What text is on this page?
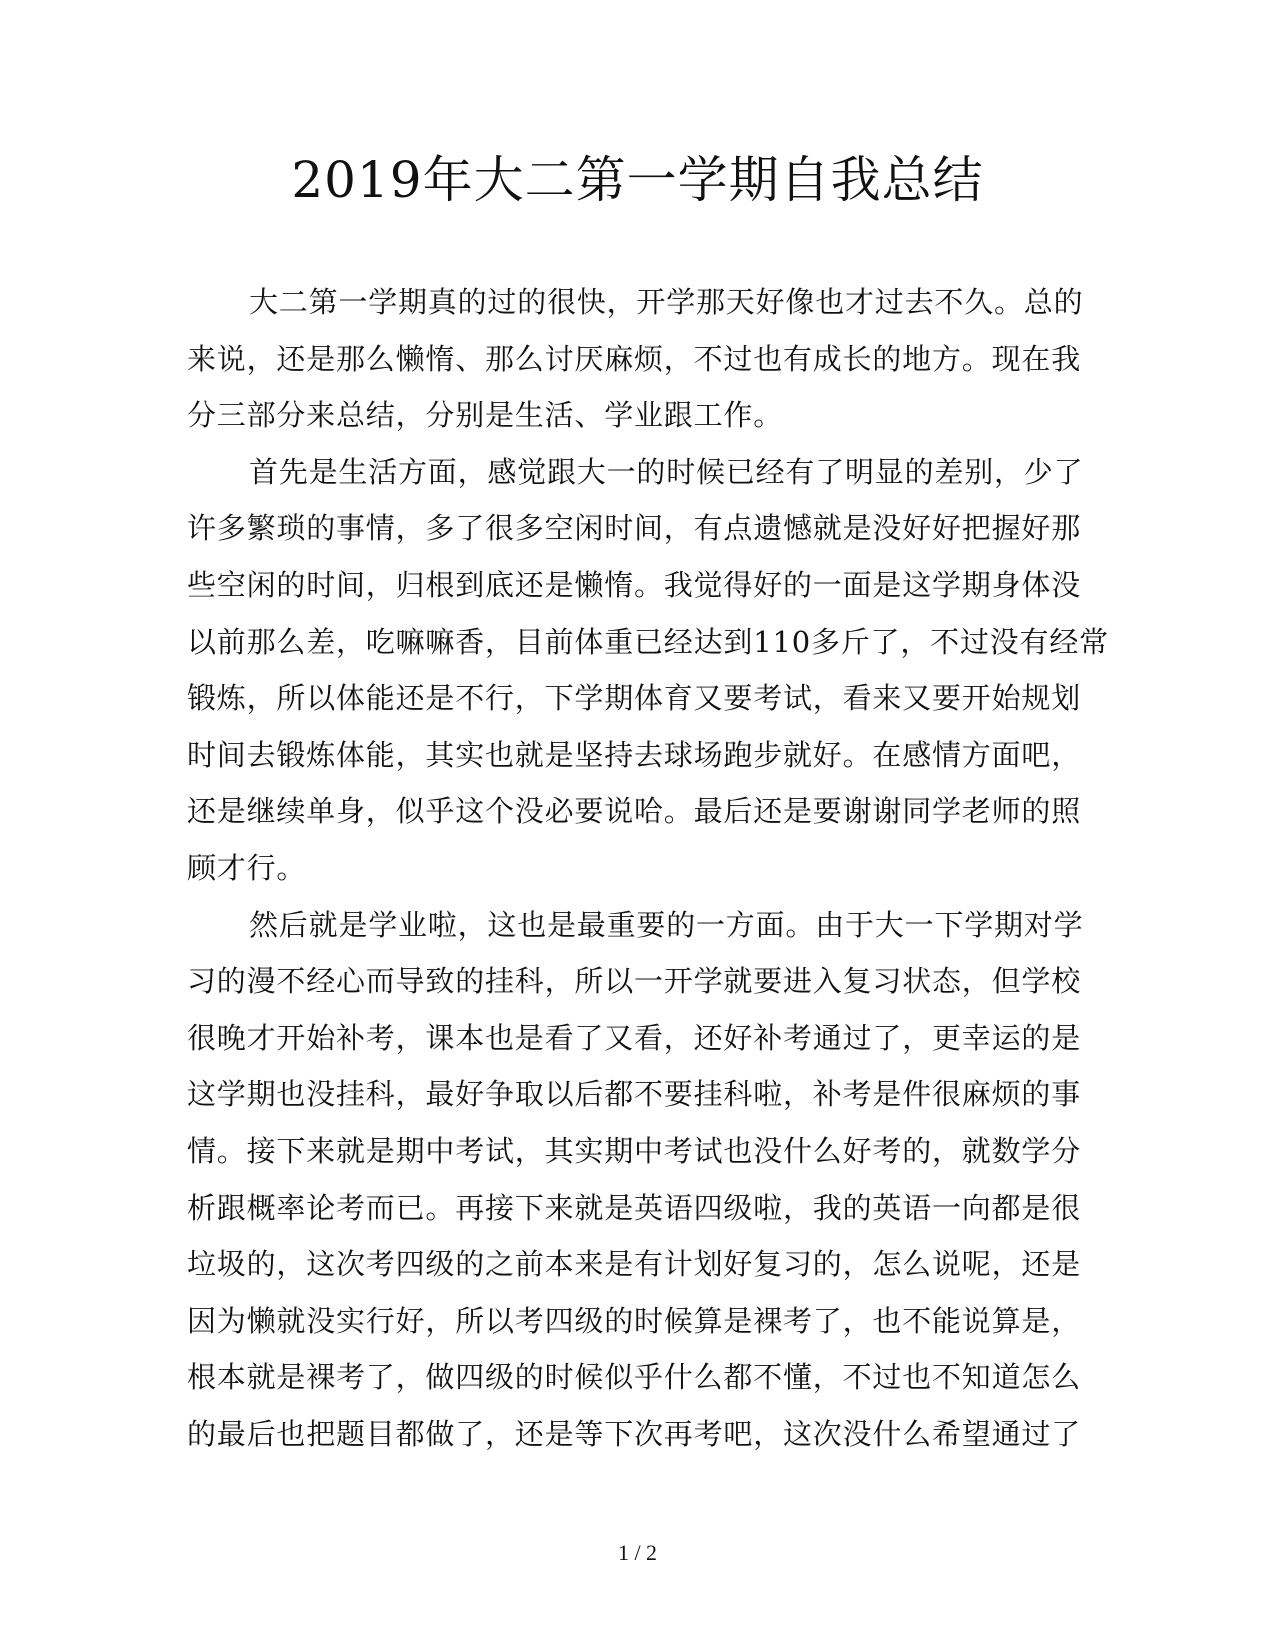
2019年大二第一学期自我总结
大二第一学期真的过的很快，开学那天好像也才过去不久。总的
来说，还是那么懒惰、那么讨厌麻烦，不过也有成长的地方。现在我
分三部分来总结，分别是生活、学业跟工作。
首先是生活方面，感觉跟大一的时候已经有了明显的差别，少了
许多繁琐的事情，多了很多空闲时间，有点遗憾就是没好好把握好那
些空闲的时间，归根到底还是懒惰。我觉得好的一面是这学期身体没
以前那么差，吃嘛嘛香，目前体重已经达到110多斤了，不过没有经常
锻炼，所以体能还是不行，下学期体育又要考试，看来又要开始规划
时间去锻炼体能，其实也就是坚持去球场跑步就好。在感情方面吧，
还是继续单身，似乎这个没必要说哈。最后还是要谢谢同学老师的照
顾才行。
然后就是学业啦，这也是最重要的一方面。由于大一下学期对学
习的漫不经心而导致的挂科，所以一开学就要进入复习状态，但学校
很晚才开始补考，课本也是看了又看，还好补考通过了，更幸运的是
这学期也没挂科，最好争取以后都不要挂科啦，补考是件很麻烦的事
情。接下来就是期中考试，其实期中考试也没什么好考的，就数学分
析跟概率论考而已。再接下来就是英语四级啦，我的英语一向都是很
垃圾的，这次考四级的之前本来是有计划好复习的，怎么说呢，还是
因为懒就没实行好，所以考四级的时候算是裸考了，也不能说算是，
根本就是裸考了，做四级的时候似乎什么都不懂，不过也不知道怎么
的最后也把题目都做了，还是等下次再考吧，这次没什么希望通过了
1 / 2
